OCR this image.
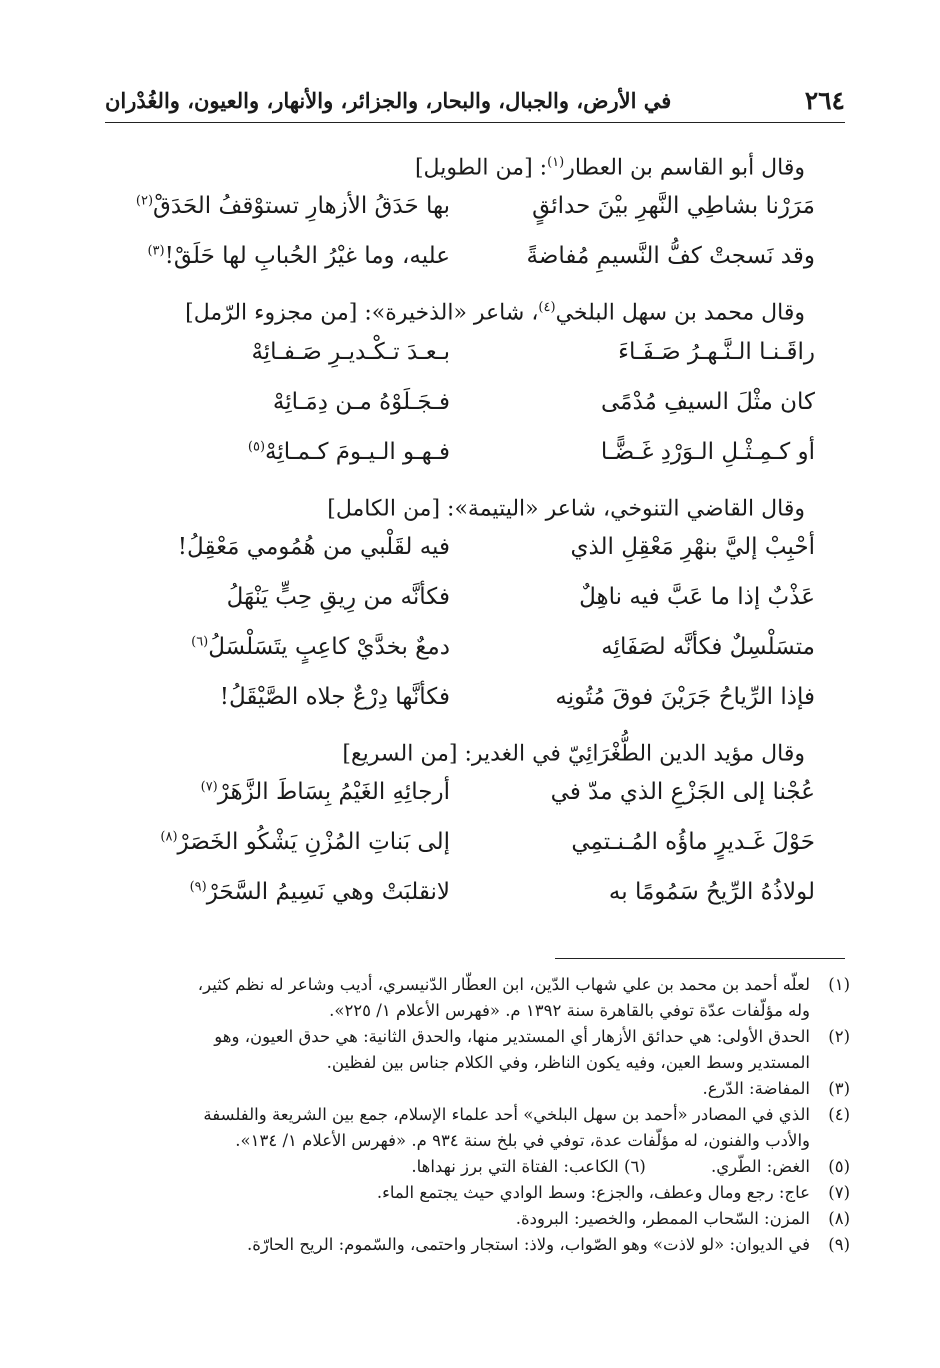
٢٦٤
في الأرض، والجبال، والبحار، والجزائر، والأنهار، والعيون، والغُدْران
وقال أبو القاسم بن العطار$^{(١)}$: [من الطويل]
مَرَرْنا بشاطِي النَّهرِ بيْنَ حدائقٍ
بها حَدَقُ الأزهارِ تستوْقفُ الحَدَقْ$^{(٢)}$
وقد نَسجتْ كفُّ النَّسيمِ مُفاضةً
عليه، وما غيْرُ الحُبابِ لها حَلَقْ!$^{(٣)}$
وقال محمد بن سهل البلخي$^{(٤)}$، شاعر «الذخيرة»: [من مجزوء الرّمل]
راقَـنـا الـنَّـهـرُ صَـفَـاءَ
بـعـدَ تـكْـديـرِ صَـفـائِهْ
كان مثْلَ السيفِ مُدْمًى
فـجَـلَوْهُ مـن دِمَـائِهْ
أو كـمِـثْـلِ الـوَرْدِ غَـضًّـا
فـهـو الـيـومَ كـمـائِهْ$^{(٥)}$
وقال القاضي التنوخي، شاعر «اليتيمة»: [من الكامل]
أحْبِبْ إليَّ بنهْرِ مَعْقِلِ الذي
فيه لقَلْبي من هُمُومي مَعْقِلُ!
عَذْبٌ إذا ما عَبَّ فيه ناهِلٌ
فكأنَّه من رِيقِ حِبٍّ يَنْهَلُ
متسَلْسِلٌ فكأنَّه لصَفَائِه
دمعٌ بخدَّيْ كاعِبٍ يتَسَلْسَلُ$^{(٦)}$
فإذا الرِّياحُ جَرَيْنَ فوقَ مُتُونِه
فكأنَّها دِرْعٌ جلاه الصَّيْقَلُ!
وقال مؤيد الدين الطُّغْرَائِيّ في الغدير: [من السريع]
عُجْنا إلى الجَزْعِ الذي مدّ في
أرجائِهِ الغَيْمُ بِسَاطَ الزَّهَرْ$^{(٧)}$
حَوْلَ غَـديرٍ ماؤُه المُـنـتمِي
إلى بَناتِ المُزْنِ يَشْكُو الخَصَرْ$^{(٨)}$
لولاذُهُ الرِّيحُ سَمُومًا به
لانقلبَتْ وهي نَسِيمُ السَّحَرْ$^{(٩)}$
(١)
لعلّه أحمد بن محمد بن علي شهاب الدّين، ابن العطّار الدّنيسري، أديب وشاعر له نظم كثير،
وله مؤلّفات عدّة توفي بالقاهرة سنة ١٣٩٢ م. «فهرس الأعلام ١/ ٢٢٥».
(٢)
الحدق الأولى: هي حدائق الأزهار أي المستدير منها، والحدق الثانية: هي حدق العيون، وهو
المستدير وسط العين، وفيه يكون الناظر، وفي الكلام جناس بين لفظين.
(٣)
المفاضة: الدّرع.
(٤)
الذي في المصادر «أحمد بن سهل البلخي» أحد علماء الإسلام، جمع بين الشريعة والفلسفة
والأدب والفنون، له مؤلّفات عدة، توفي في بلخ سنة ٩٣٤ م. «فهرس الأعلام ١/ ١٣٤».
(٥)
الغض: الطّري. (٦) الكاعب: الفتاة التي برز نهداها.
(٧)
عاج: رجع ومال وعطف، والجزع: وسط الوادي حيث يجتمع الماء.
(٨)
المزن: السّحاب الممطر، والخصير: البرودة.
(٩)
في الديوان: «لو لاذت» وهو الصّواب، ولاذ: استجار واحتمى، والسّموم: الريح الحارّة.
